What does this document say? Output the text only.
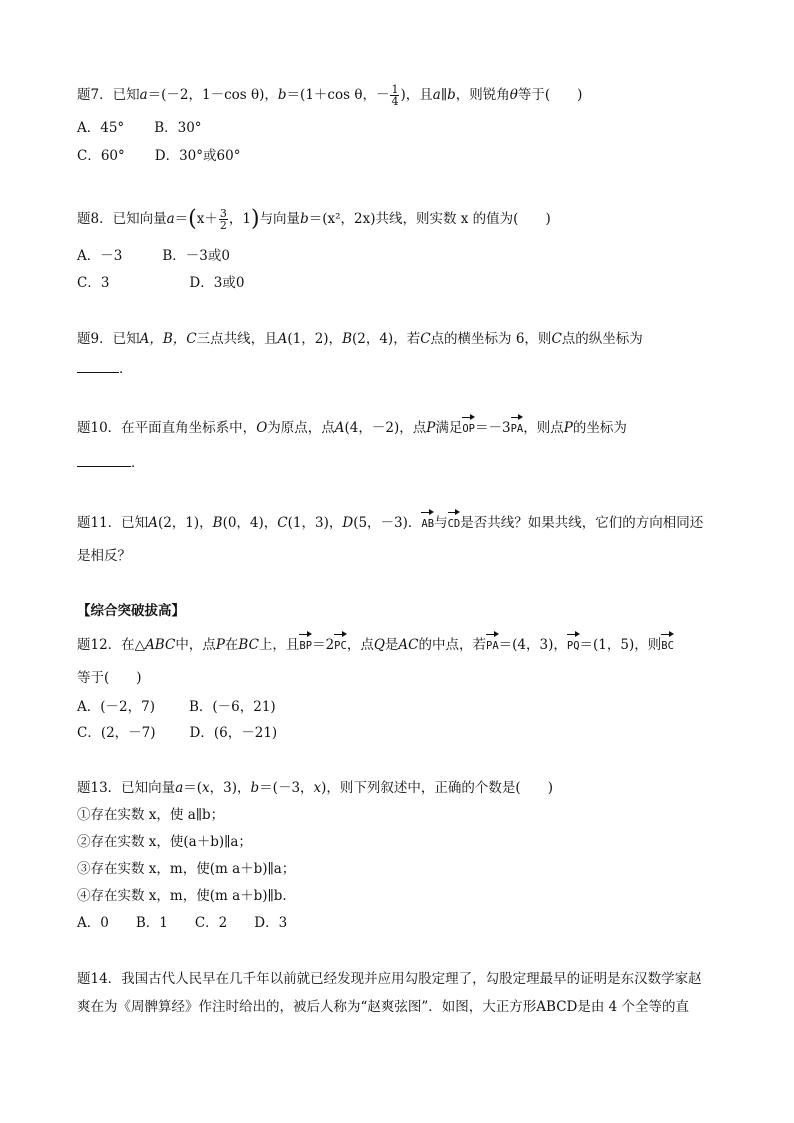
题7．已知a＝(－2，1－cos θ)，b＝(1＋cos θ，－ $\frac{1}{4}$ )，且a∥b，则锐角θ等于(　　)
A．45° B．30°
C．60° D．30°或60°
题8．已知向量$a=(x+ \frac{3}{2}$ ，1)与向量b＝(x²，2x)共线，则实数 x 的值为(　　)
A．－3	B．－3或0
C．3	D．3或0
题9．已知A，B，C三点共线，且A(1，2)，B(2，4)，若C点的横坐标为 6，则C点的纵坐标为
．
题10．在平面直角坐标系中，O为原点，点A(4，－2)，点P满足OP＝－3PA，则点P的坐标为
．
题11．已知A(2，1)，B(0，4)，C(1，3)，D(5，－3)．AB与CD是否共线？如果共线，它们的方向相同还
是相反？
【综合突破拔高】
题12．在△ABC中，点P在BC上，且BP＝2PC，点Q是AC的中点，若PA＝(4，3)，PQ＝(1，5)，则BC
等于(　　)
A．(－2，7)	B．(－6，21)
C．(2，－7)	D．(6，－21)
题13．已知向量a＝(x，3)，b＝(－3，x)，则下列叙述中，正确的个数是(　　)
①存在实数 x，使 a∥b；
②存在实数 x，使(a＋b)∥a；
③存在实数 x，m，使(m a＋b)∥a；
④存在实数 x，m，使(m a＋b)∥b.
A．0　　B．1　　C．2　　D．3
题14．我国古代人民早在几千年以前就已经发现并应用勾股定理了，勾股定理最早的证明是东汉数学家赵
爽在为《周髀算经》作注时给出的，被后人称为“赵爽弦图”．如图，大正方形ABCD是由 4 个全等的直
